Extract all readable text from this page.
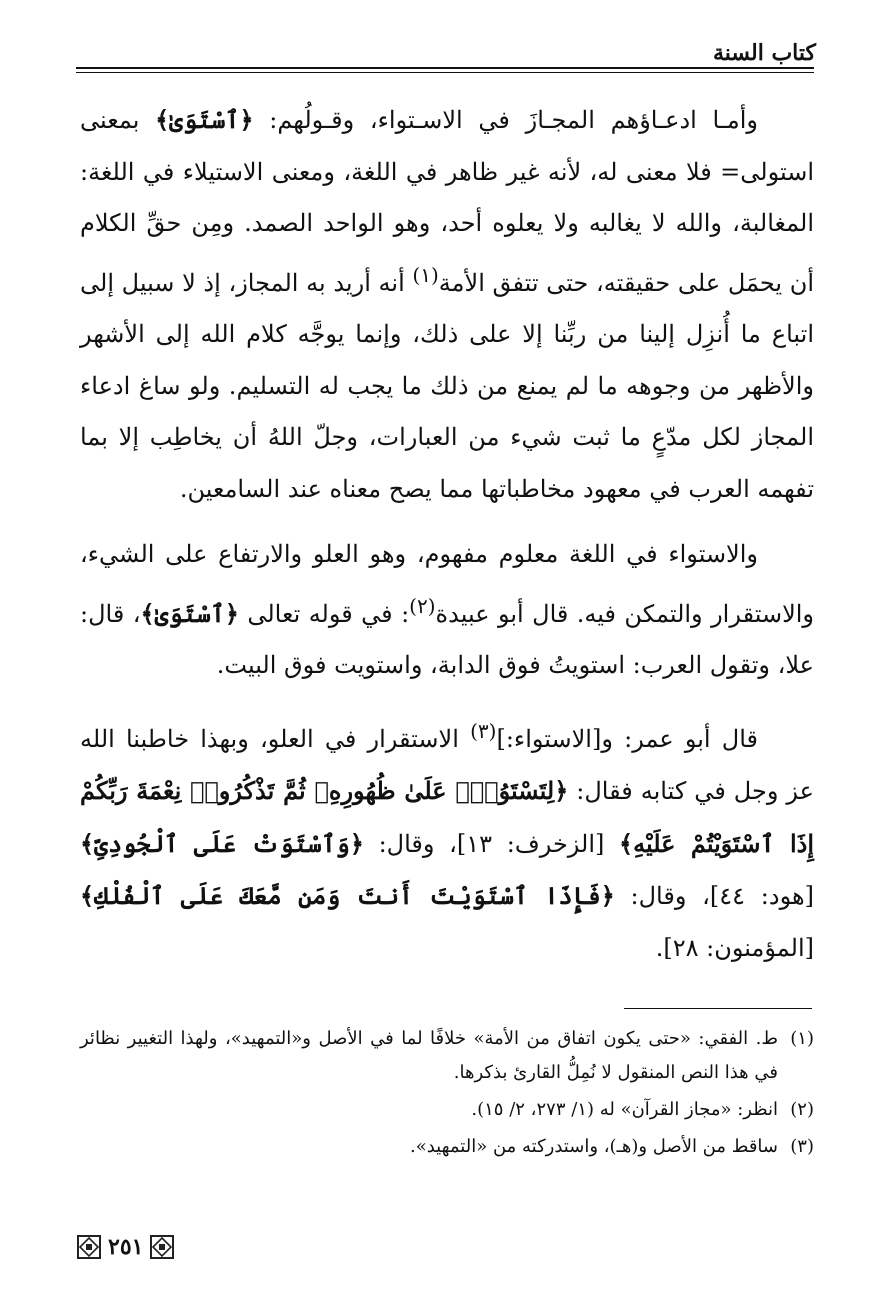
كتاب السنة

وأمـا ادعـاؤهم المجـازَ في الاسـتواء، وقـولُهم: ﴿ٱسْتَوَىٰ﴾ بمعنى استولى= فلا معنى له، لأنه غير ظاهر في اللغة، ومعنى الاستيلاء في اللغة: المغالبة، والله لا يغالبه ولا يعلوه أحد، وهو الواحد الصمد. ومِن حقِّ الكلام أن يحمَل على حقيقته، حتى تتفق الأمة$^{(١)}$ أنه أريد به المجاز، إذ لا سبيل إلى اتباع ما أُنزِل إلينا من ربِّنا إلا على ذلك، وإنما يوجَّه كلام الله إلى الأشهر والأظهر من وجوهه ما لم يمنع من ذلك ما يجب له التسليم. ولو ساغ ادعاء المجاز لكل مدّعٍ ما ثبت شيء من العبارات، وجلّ اللهُ أن يخاطِب إلا بما تفهمه العرب في معهود مخاطباتها مما يصح معناه عند السامعين.

والاستواء في اللغة معلوم مفهوم، وهو العلو والارتفاع على الشيء، والاستقرار والتمكن فيه. قال أبو عبيدة$^{(٢)}$: في قوله تعالى ﴿ٱسْتَوَىٰ﴾، قال: علا، وتقول العرب: استويتُ فوق الدابة، واستويت فوق البيت.

قال أبو عمر: و[الاستواء:]$^{(٣)}$ الاستقرار في العلو، وبهذا خاطبنا الله عز وجل في كتابه فقال: ﴿لِتَسْتَوُۥا۟ عَلَىٰ ظُهُورِهِۦ ثُمَّ تَذْكُرُوا۟ نِعْمَةَ رَبِّكُمْ إِذَا ٱسْتَوَيْتُمْ عَلَيْهِ﴾ [الزخرف: ١٣]، وقال: ﴿وَٱسْتَوَتْ عَلَى ٱلْجُودِىِّ﴾ [هود: ٤٤]، وقال: ﴿فَإِذَا ٱسْتَوَيْتَ أَنتَ وَمَن مَّعَكَ عَلَى ٱلْفُلْكِ﴾ [المؤمنون: ٢٨].

(١)
ط. الفقي: «حتى يكون اتفاق من الأمة» خلافًا لما في الأصل و«التمهيد»، ولهذا التغيير نظائر في هذا النص المنقول لا نُمِلُّ القارئ بذكرها.
(٢)
انظر: «مجاز القرآن» له (١/ ٢٧٣، ٢/ ١٥).
(٣)
ساقط من الأصل و(هـ)، واستدركته من «التمهيد».
٢٥١
